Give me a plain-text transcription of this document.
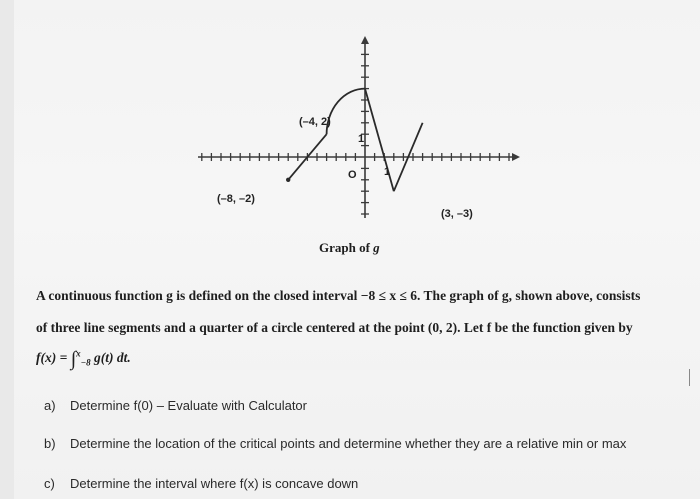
(–4, 2)
(–8, –2)
(3, –3)
O
1
1
Graph of g
A continuous function g is defined on the closed interval −8 ≤ x ≤ 6. The graph of g, shown above, consists
of three line segments and a quarter of a circle centered at the point (0, 2). Let f be the function given by
f(x) = ∫$^x_{-8}$ g(t) dt.
a) Determine f(0) – Evaluate with Calculator
b) Determine the location of the critical points and determine whether they are a relative min or max
c) Determine the interval where f(x) is concave down
